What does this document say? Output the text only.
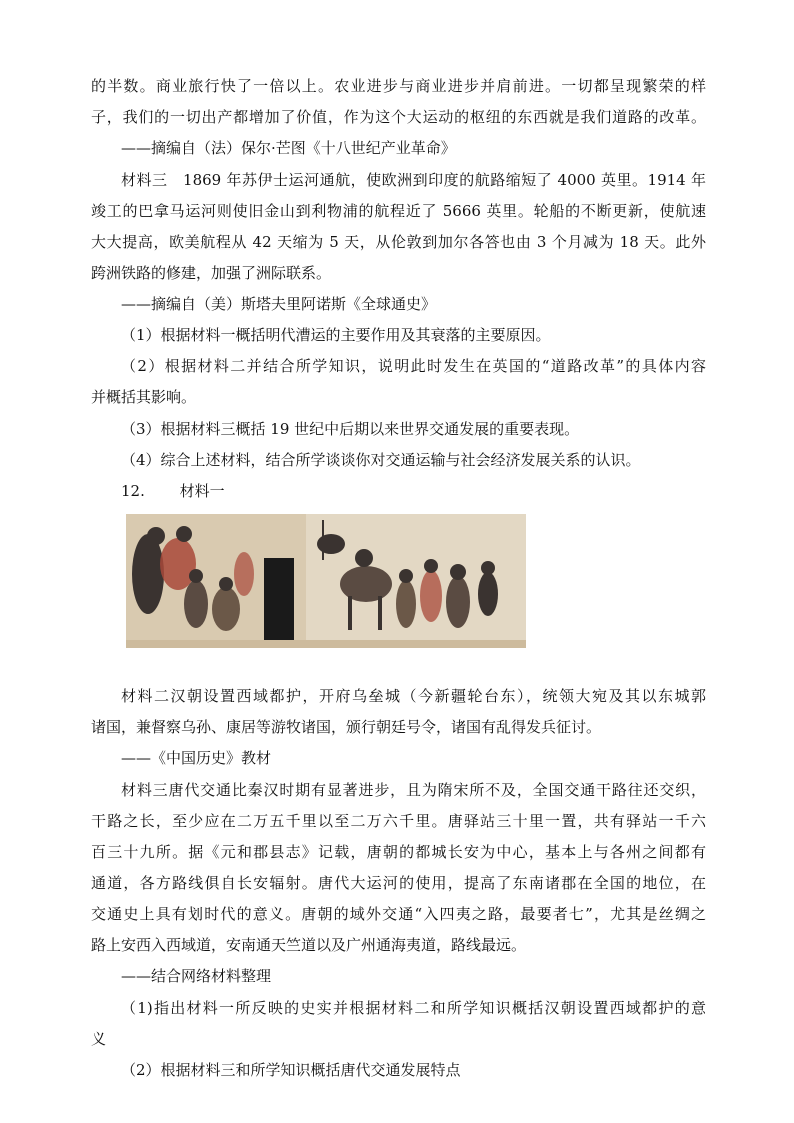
的半数。商业旅行快了一倍以上。农业进步与商业进步并肩前进。一切都呈现繁荣的样
子，我们的一切出产都增加了价值，作为这个大运动的枢纽的东西就是我们道路的改革。
——摘编自（法）保尔·芒图《十八世纪产业革命》
材料三　1869 年苏伊士运河通航，使欧洲到印度的航路缩短了 4000 英里。1914 年
竣工的巴拿马运河则使旧金山到利物浦的航程近了 5666 英里。轮船的不断更新，使航速
大大提高，欧美航程从 42 天缩为 5 天，从伦敦到加尔各答也由 3 个月减为 18 天。此外
跨洲铁路的修建，加强了洲际联系。
——摘编自（美）斯塔夫里阿诺斯《全球通史》
（1）根据材料一概括明代漕运的主要作用及其衰落的主要原因。
（2）根据材料二并结合所学知识，说明此时发生在英国的“道路改革”的具体内容
并概括其影响。
（3）根据材料三概括 19 世纪中后期以来世界交通发展的重要表现。
（4）综合上述材料，结合所学谈谈你对交通运输与社会经济发展关系的认识。
12.　　 材料一
材料二汉朝设置西域都护，开府乌垒城（今新疆轮台东），统领大宛及其以东城郭
诸国，兼督察乌孙、康居等游牧诸国，颁行朝廷号令，诸国有乱得发兵征讨。
——《中国历史》教材
材料三唐代交通比秦汉时期有显著进步，且为隋宋所不及，全国交通干路往还交织，
干路之长，至少应在二万五千里以至二万六千里。唐驿站三十里一置，共有驿站一千六
百三十九所。据《元和郡县志》记载，唐朝的都城长安为中心，基本上与各州之间都有
通道，各方路线俱自长安辐射。唐代大运河的使用，提高了东南诸郡在全国的地位，在
交通史上具有划时代的意义。唐朝的域外交通“入四夷之路，最要者七”，尤其是丝绸之
路上安西入西域道，安南通天竺道以及广州通海夷道，路线最远。
——结合网络材料整理
（1)指出材料一所反映的史实并根据材料二和所学知识概括汉朝设置西域都护的意
义
（2）根据材料三和所学知识概括唐代交通发展特点
